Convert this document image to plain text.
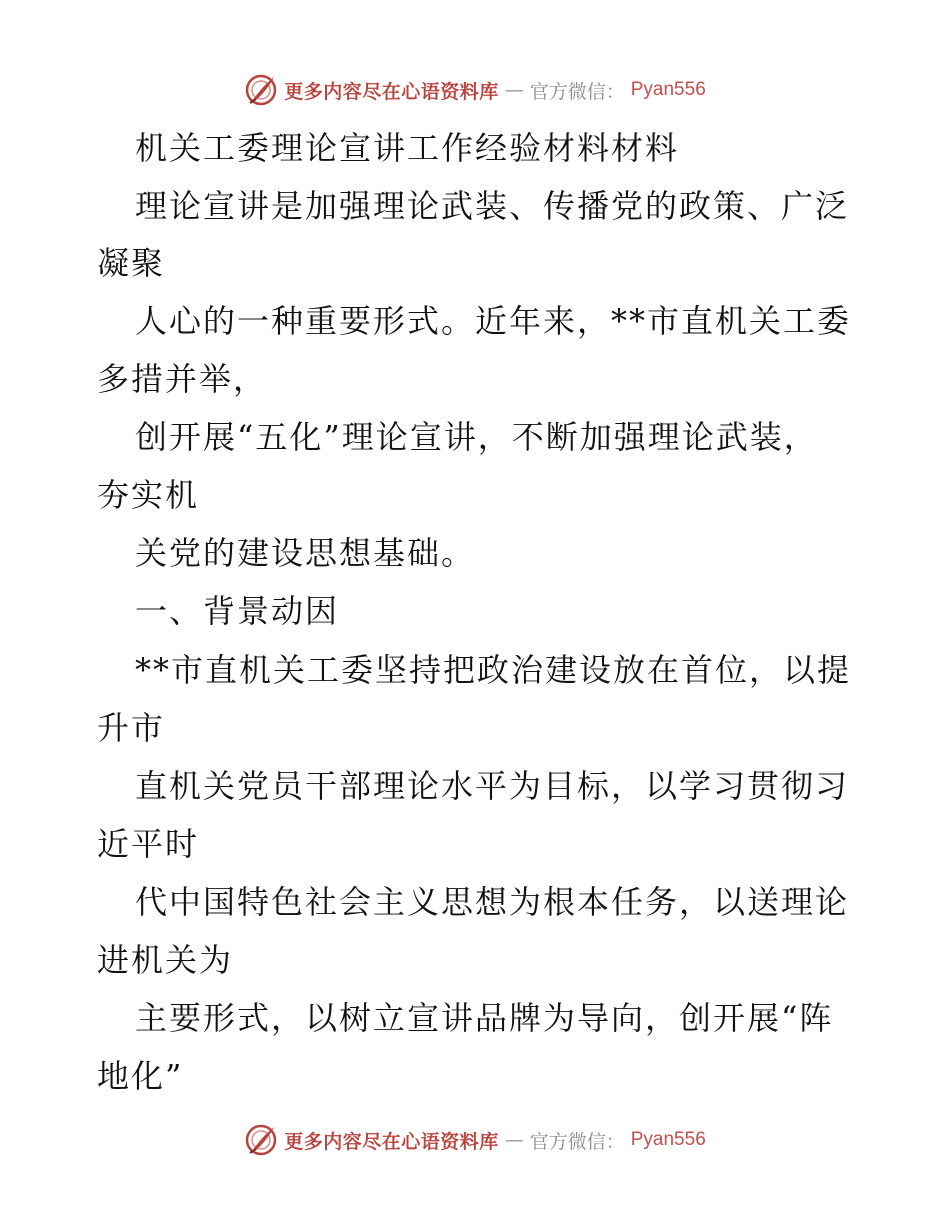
更多内容尽在心语资料库 — 官方微信： Pyan556
机关工委理论宣讲工作经验材料材料
理论宣讲是加强理论武装、传播党的政策、广泛
凝聚
人心的一种重要形式。近年来，**市直机关工委
多措并举，
创开展“五化”理论宣讲，不断加强理论武装，
夯实机
关党的建设思想基础。
一、背景动因
**市直机关工委坚持把政治建设放在首位，以提
升市
直机关党员干部理论水平为目标，以学习贯彻习
近平时
代中国特色社会主义思想为根本任务，以送理论
进机关为
主要形式，以树立宣讲品牌为导向，创开展“阵
地化”
更多内容尽在心语资料库 — 官方微信： Pyan556
